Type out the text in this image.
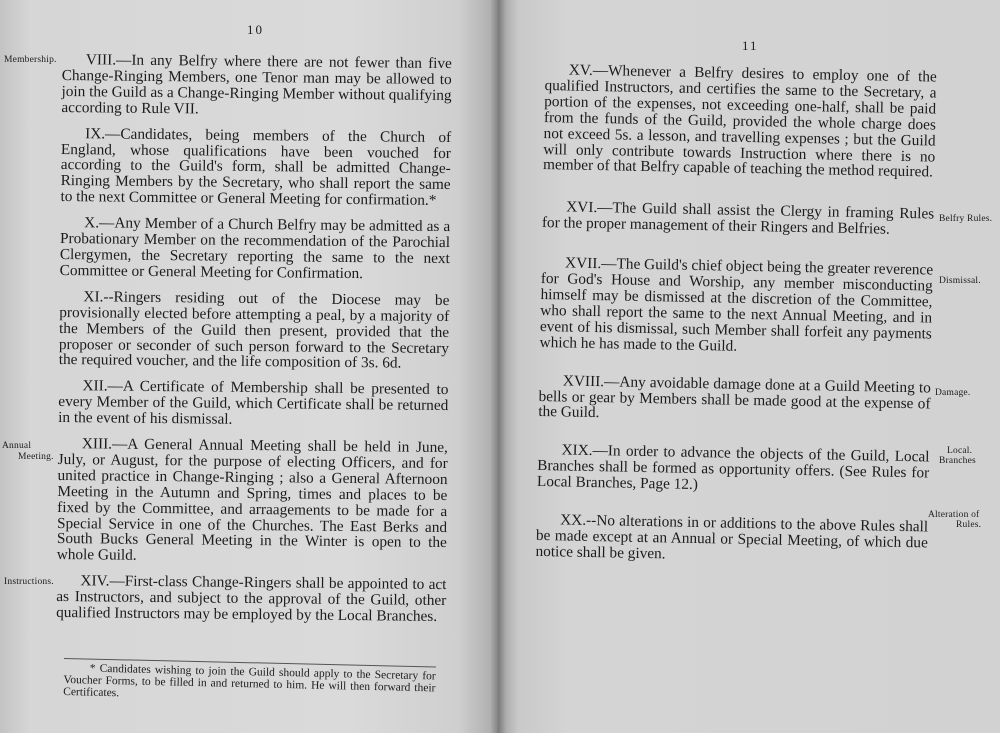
10
Membership.
Annual
Meeting.
Instructions.

VIII.—In any Belfry where there are not fewer than five Change-Ringing Members, one Tenor man may be allowed to join the Guild as a Change-Ringing Member without qualifying according to Rule VII.

IX.—Candidates, being members of the Church of England, whose qualifications have been vouched for according to the Guild's form, shall be admitted Change-Ringing Members by the Secretary, who shall report the same to the next Committee or General Meeting for confirmation.*

X.—Any Member of a Church Belfry may be admitted as a Probationary Member on the recommendation of the Parochial Clergymen, the Secretary reporting the same to the next Committee or General Meeting for Confirmation.

XI.--Ringers residing out of the Diocese may be provisionally elected before attempting a peal, by a majority of the Members of the Guild then present, provided that the proposer or seconder of such person forward to the Secretary the required voucher, and the life composition of 3s. 6d.

XII.—A Certificate of Membership shall be presented to every Member of the Guild, which Certificate shall be returned in the event of his dismissal.

XIII.—A General Annual Meeting shall be held in June, July, or August, for the purpose of electing Officers, and for united practice in Change-Ringing ; also a General Afternoon Meeting in the Autumn and Spring, times and places to be fixed by the Committee, and arraagements to be made for a Special Service in one of the Churches. The East Berks and South Bucks General Meeting in the Winter is open to the whole Guild.

XIV.—First-class Change-Ringers shall be appointed to act as Instructors, and subject to the approval of the Guild, other qualified Instructors may be employed by the Local Branches.

* Candidates wishing to join the Guild should apply to the Secretary for Voucher Forms, to be filled in and returned to him. He will then forward their Certificates.
11

XV.—Whenever a Belfry desires to employ one of the qualified Instructors, and certifies the same to the Secretary, a portion of the expenses, not exceeding one-half, shall be paid from the funds of the Guild, provided the whole charge does not exceed 5s. a lesson, and travelling expenses ; but the Guild will only contribute towards Instruction where there is no member of that Belfry capable of teaching the method required.

XVI.—The Guild shall assist the Clergy in framing Rules for the proper management of their Ringers and Belfries.

XVII.—The Guild's chief object being the greater reverence for God's House and Worship, any member misconducting himself may be dismissed at the discretion of the Committee, who shall report the same to the next Annual Meeting, and in event of his dismissal, such Member shall forfeit any payments which he has made to the Guild.

XVIII.—Any avoidable damage done at a Guild Meeting to bells or gear by Members shall be made good at the expense of the Guild.

XIX.—In order to advance the objects of the Guild, Local Branches shall be formed as opportunity offers. (See Rules for Local Branches, Page 12.)

XX.--No alterations in or additions to the above Rules shall be made except at an Annual or Special Meeting, of which due notice shall be given.

Belfry Rules.
Dismissal.
Damage.
Local.
Branches
Alteration of
Rules.
